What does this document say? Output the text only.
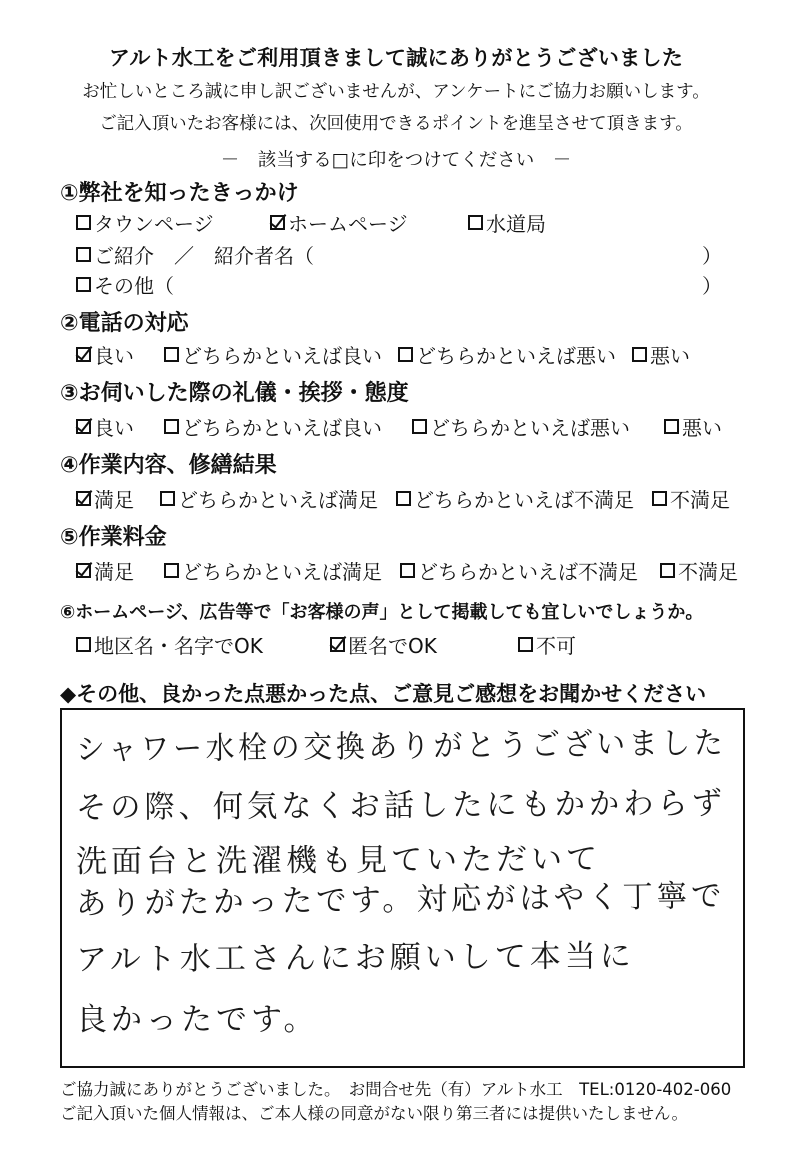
アルト水工をご利用頂きまして誠にありがとうございました
お忙しいところ誠に申し訳ございませんが、アンケートにご協力お願いします。
ご記入頂いたお客様には、次回使用できるポイントを進呈させて頂きます。
－　該当する□に印をつけてください　－
①弊社を知ったきっかけ
タウンページ	ホームページ	水道局
ご紹介　／　紹介者名（	）
その他（	）
②電話の対応
良い どちらかといえば良い どちらかといえば悪い 悪い
③お伺いした際の礼儀・挨拶・態度
良い どちらかといえば良い どちらかといえば悪い	悪い
④作業内容、修繕結果
満足 どちらかといえば満足 どちらかといえば不満足 不満足
⑤作業料金
満足 どちらかといえば満足 どちらかといえば不満足 不満足
⑥ホームページ、広告等で「お客様の声」として掲載しても宜しいでしょうか。
地区名・名字でOK	匿名でOK	不可
◆その他、良かった点悪かった点、ご意見ご感想をお聞かせください
シャワー水栓の交換ありがとうございました
その際、何気なくお話したにもかかわらず
洗面台と洗濯機も見ていただいて
ありがたかったです。対応がはやく丁寧で
アルト水工さんにお願いして本当に
良かったです。
ご協力誠にありがとうございました。　お問合せ先（有）アルト水工　TEL:0120-402-060
ご記入頂いた個人情報は、ご本人様の同意がない限り第三者には提供いたしません。
